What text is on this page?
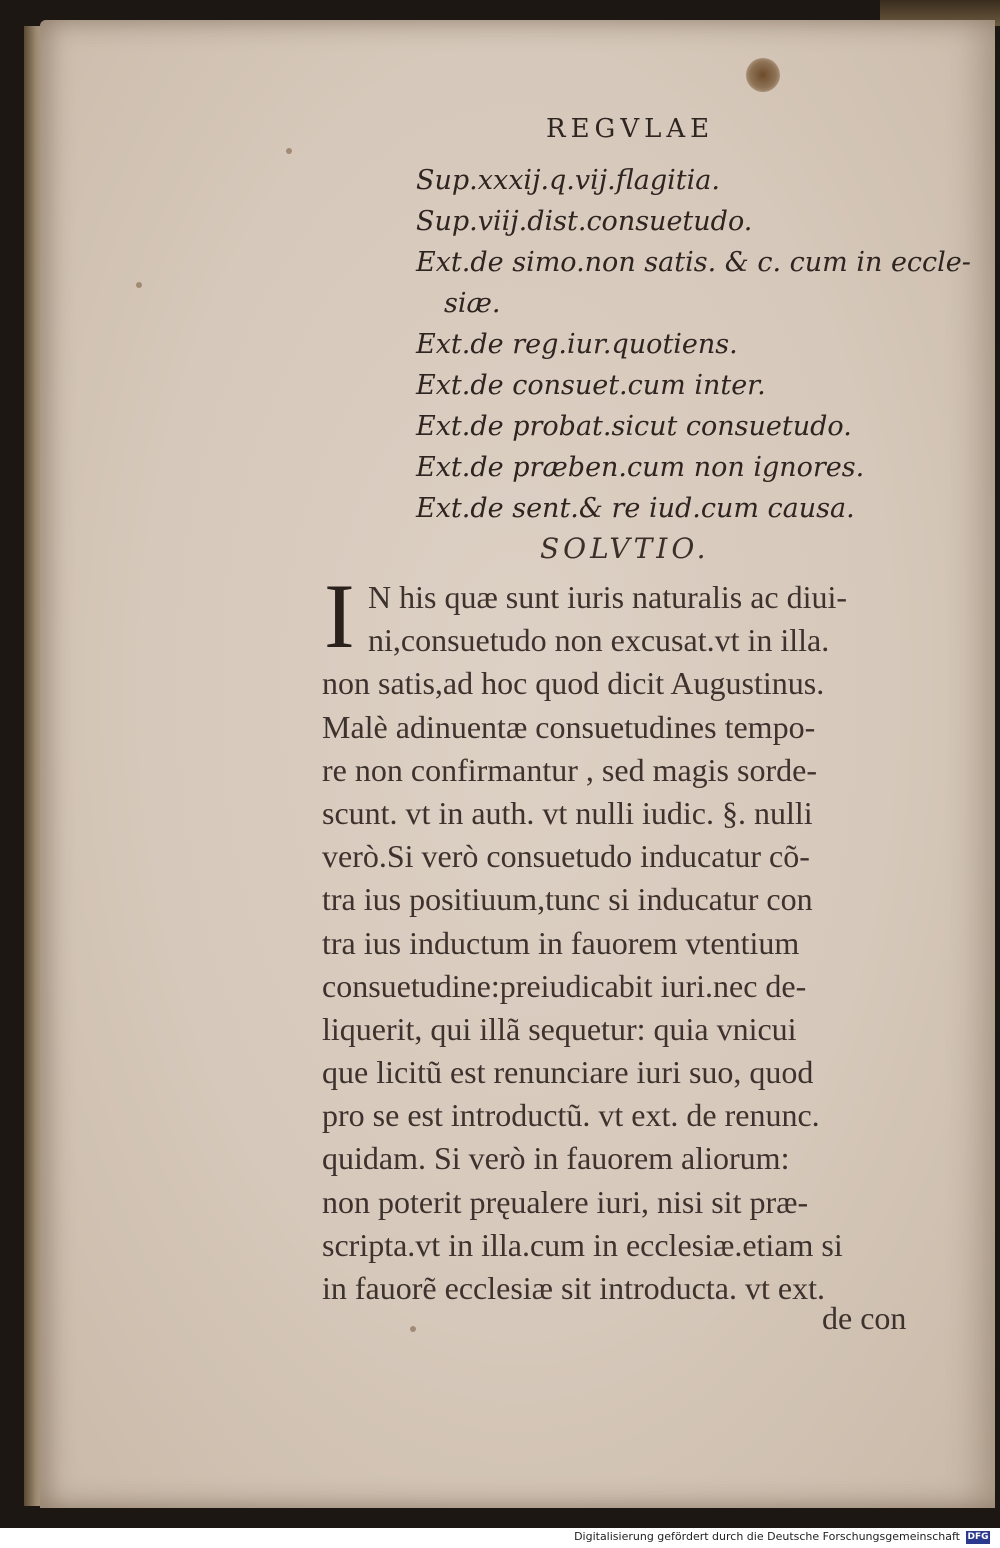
REGVLAE
Sup.xxxij.q.vij.flagitia.
Sup.viij.dist.consuetudo.
Ext.de simo.non satis. & c. cum in eccle-
siæ.
Ext.de reg.iur.quotiens.
Ext.de consuet.cum inter.
Ext.de probat.sicut consuetudo.
Ext.de præben.cum non ignores.
Ext.de sent.& re iud.cum causa.
SOLVTIO.
I N his quæ sunt iuris naturalis ac diui-
ni,consuetudo non excusat.vt in illa.
non satis,ad hoc quod dicit Augustinus.
Malè adinuentæ consuetudines tempo-
re non confirmantur , sed magis sorde-
scunt. vt in auth. vt nulli iudic. §. nulli
verò.Si verò consuetudo inducatur cõ-
tra ius positiuum,tunc si inducatur con
tra ius inductum in fauorem vtentium
consuetudine:preiudicabit iuri.nec de-
liquerit, qui illã sequetur: quia vnicui
que licitũ est renunciare iuri suo, quod
pro se est introductũ. vt ext. de renunc.
quidam. Si verò in fauorem aliorum:
non poterit pręualere iuri, nisi sit præ-
scripta.vt in illa.cum in ecclesiæ.etiam si
in fauorẽ ecclesiæ sit introducta. vt ext.
de con
Digitalisierung gefördert durch die Deutsche Forschungsgemeinschaft DFG
